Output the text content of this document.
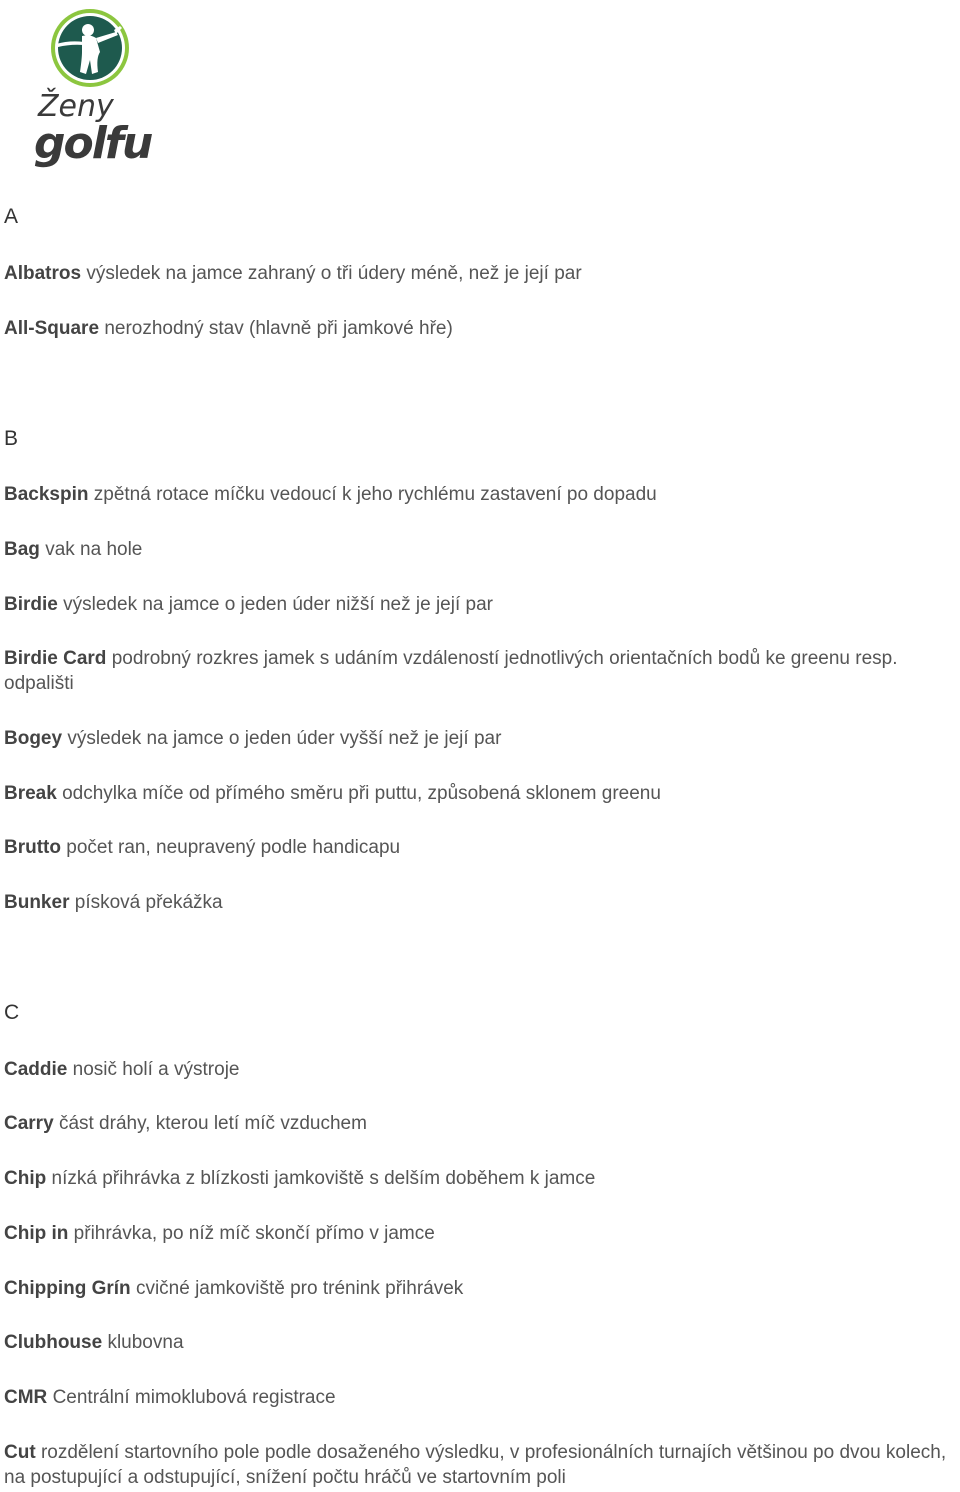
Ženy
golfu
A

Albatros výsledek na jamce zahraný o tři údery méně, než je její par

All-Square nerozhodný stav (hlavně při jamkové hře)

B

Backspin zpětná rotace míčku vedoucí k jeho rychlému zastavení po dopadu

Bag vak na hole

Birdie výsledek na jamce o jeden úder nižší než je její par

Birdie Card podrobný rozkres jamek s udáním vzdáleností jednotlivých orientačních bodů ke greenu resp. odpališti

Bogey výsledek na jamce o jeden úder vyšší než je její par

Break odchylka míče od přímého směru při puttu, způsobená sklonem greenu

Brutto počet ran, neupravený podle handicapu

Bunker písková překážka

C

Caddie nosič holí a výstroje

Carry část dráhy, kterou letí míč vzduchem

Chip nízká přihrávka z blízkosti jamkoviště s delším doběhem k jamce

Chip in přihrávka, po níž míč skončí přímo v jamce

Chipping Grín cvičné jamkoviště pro trénink přihrávek

Clubhouse klubovna

CMR Centrální mimoklubová registrace

Cut rozdělení startovního pole podle dosaženého výsledku, v profesionálních turnajích většinou po dvou kolech, na postupující a odstupující, snížení počtu hráčů ve startovním poli
